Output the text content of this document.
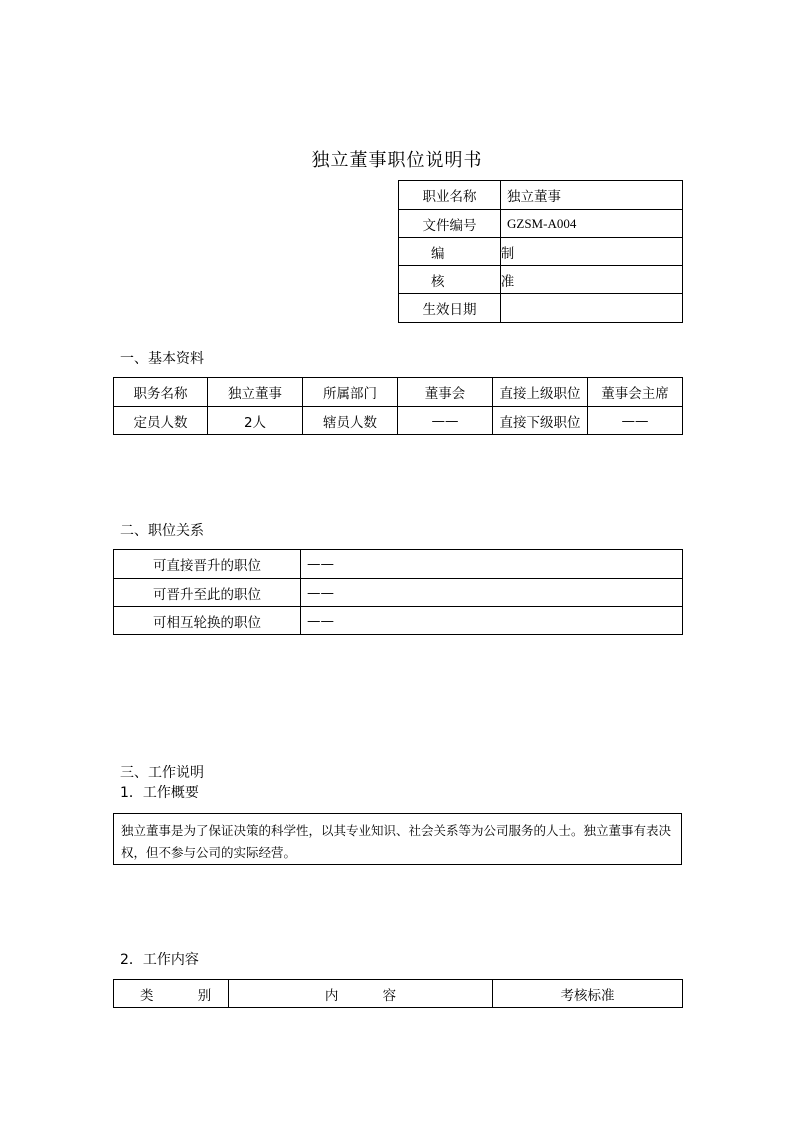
独立董事职位说明书
职业名称	独立董事
文件编号	GZSM-A004
编 制	
核 准	
生效日期	
一、基本资料
职务名称	独立董事	所属部门	董事会	直接上级职位	董事会主席
定员人数	2人	辖员人数	——	直接下级职位	——
二、职位关系
可直接晋升的职位	——
可晋升至此的职位	——
可相互轮换的职位	——
三、工作说明
1．工作概要
独立董事是为了保证决策的科学性，以其专业知识、社会关系等为公司服务的人士。独立董事有表决权，但不参与公司的实际经营。
2．工作内容
类 别	内 容	考核标准
